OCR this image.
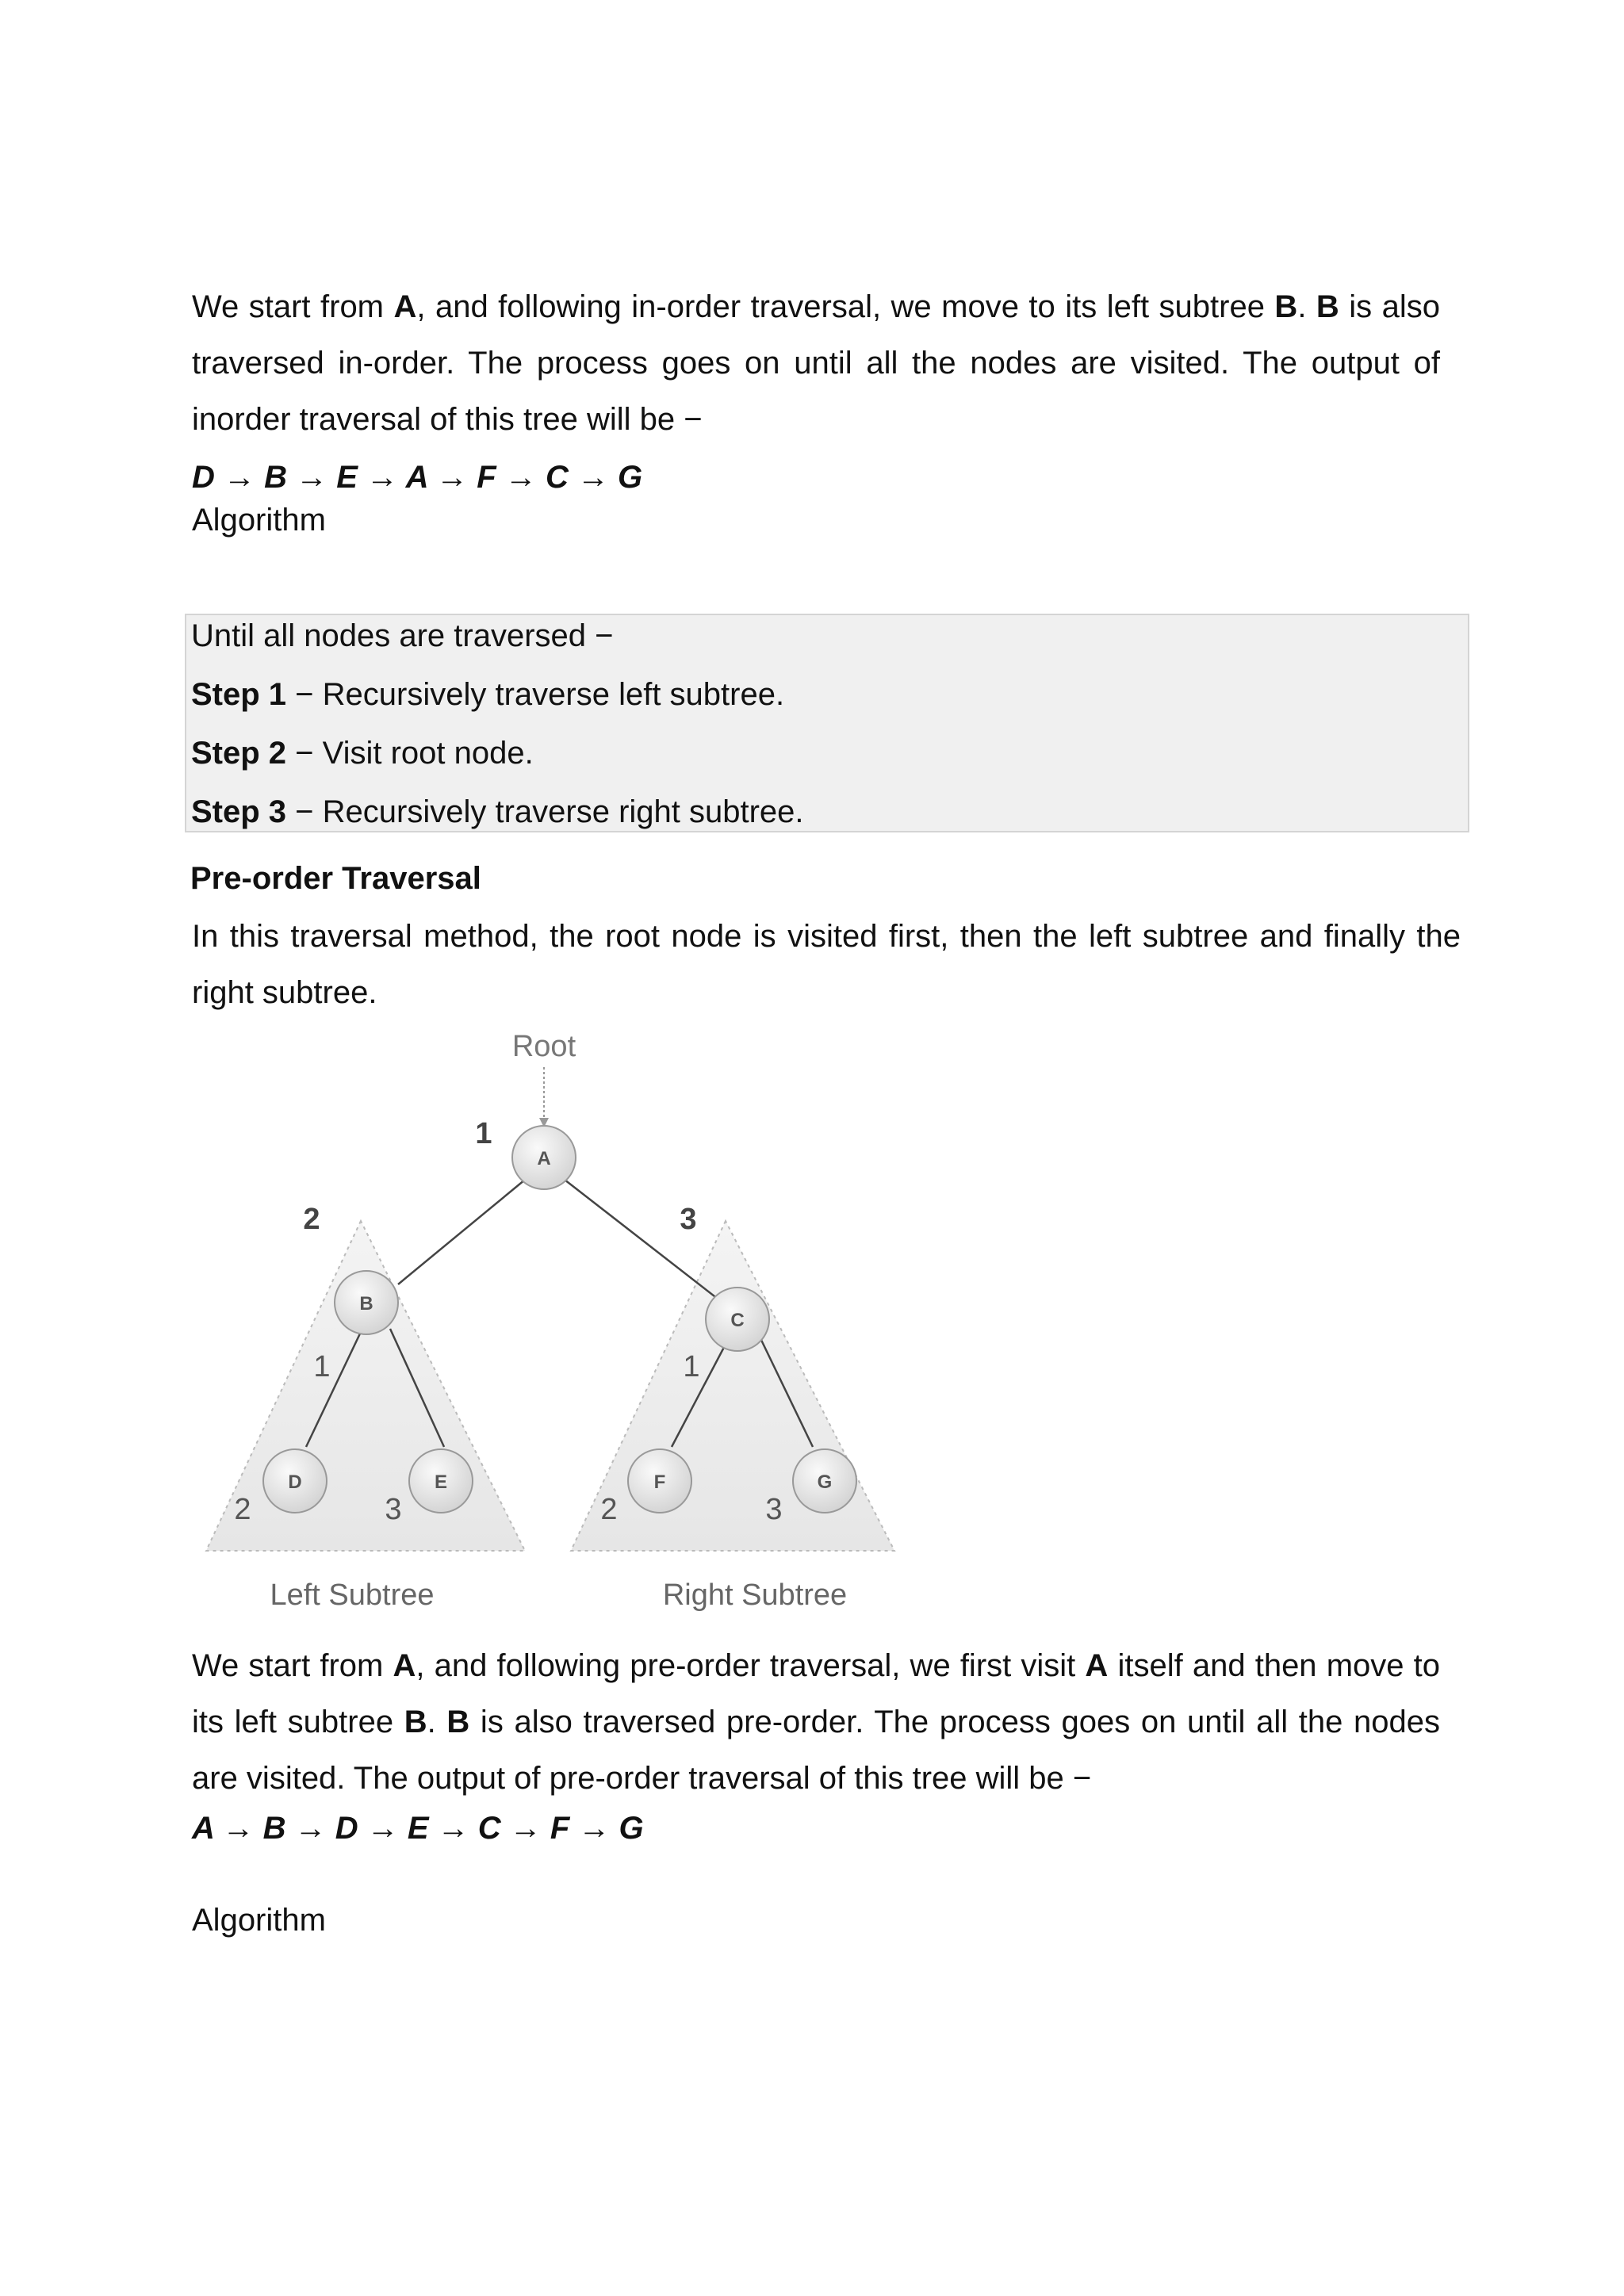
We start from A, and following in-order traversal, we move to its left subtree B. B is also traversed in-order. The process goes on until all the nodes are visited. The output of inorder traversal of this tree will be −
D → B → E → A → F → C → G
Algorithm
Until all nodes are traversed −
Step 1 − Recursively traverse left subtree.
Step 2 − Visit root node.
Step 3 − Recursively traverse right subtree.
Pre-order Traversal
In this traversal method, the root node is visited first, then the left subtree and finally the right subtree.
A
B
C
D	E	F	G
Root
1
2	3
1
2	3
1
2	3
Left Subtree	Right Subtree
We start from A, and following pre-order traversal, we first visit A itself and then move to its left subtree B. B is also traversed pre-order. The process goes on until all the nodes are visited. The output of pre-order traversal of this tree will be −
A → B → D → E → C → F → G
Algorithm
